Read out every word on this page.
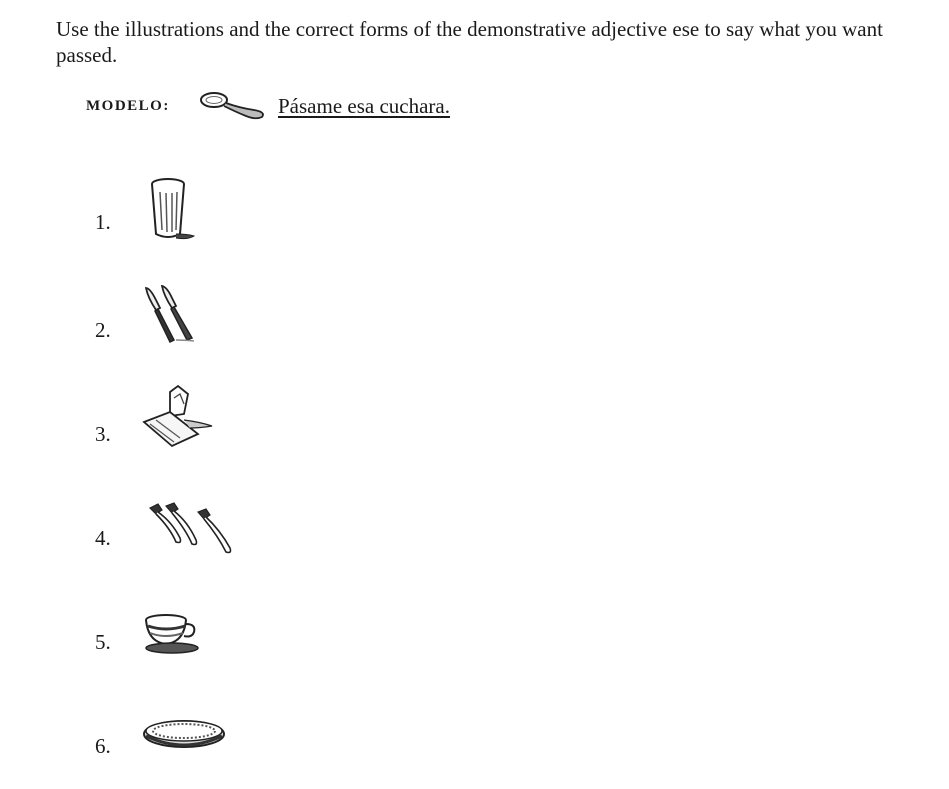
Use the illustrations and the correct forms of the demonstrative adjective ese to say what you want passed.

MODELO:	Pásame esa cuchara.
1.
2.
3.
4.
5.
6.
